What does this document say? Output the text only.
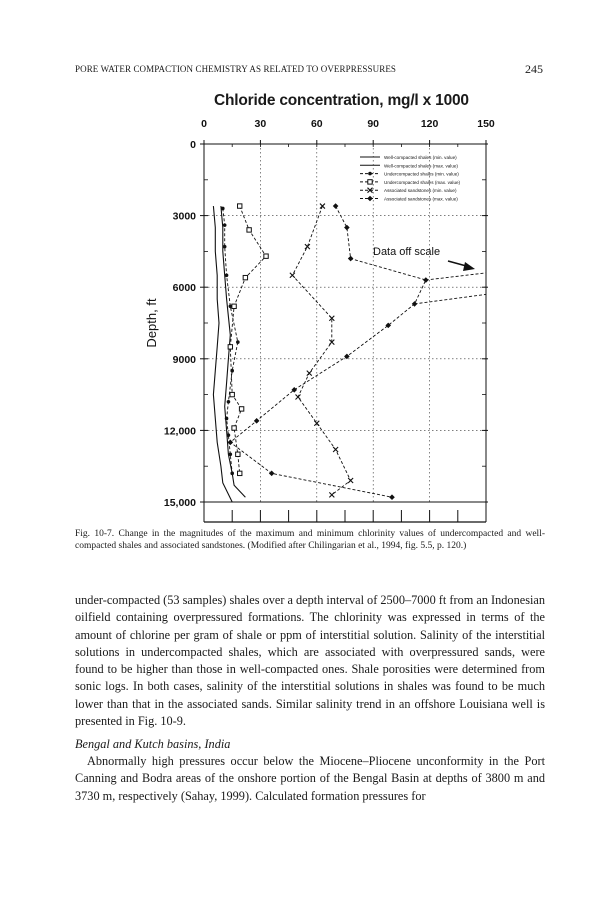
PORE WATER COMPACTION CHEMISTRY AS RELATED TO OVERPRESSURES	245
Chloride concentration, mg/l x 1000
0	30	60	90	120	150
0
3000
6000
9000
12,000
15,000
Depth, ft
Well-compacted shales (min. value)
Well-compacted shales (max. value)
Undercompacted shales (min. value)
Undercompacted shales (max. value)
Associated sandstones (min. value)
Associated sandstones (max. value)
Data off scale
Fig. 10-7. Change in the magnitudes of the maximum and minimum chlorinity values of undercompacted and well-compacted shales and associated sandstones. (Modified after Chilingarian et al., 1994, fig. 5.5, p. 120.)

under-compacted (53 samples) shales over a depth interval of 2500–7000 ft from an Indonesian oilfield containing overpressured formations. The chlorinity was expressed in terms of the amount of chlorine per gram of shale or ppm of interstitial solution. Salinity of the interstitial solutions in undercompacted shales, which are associated with overpressured sands, were found to be higher than those in well-compacted ones. Shale porosities were determined from sonic logs. In both cases, salinity of the interstitial solutions in shales was found to be much lower than that in the associated sands. Similar salinity trend in an offshore Louisiana well is presented in Fig. 10-9.

Bengal and Kutch basins, India

Abnormally high pressures occur below the Miocene–Pliocene unconformity in the Port Canning and Bodra areas of the onshore portion of the Bengal Basin at depths of 3800 m and 3730 m, respectively (Sahay, 1999). Calculated formation pressures for
